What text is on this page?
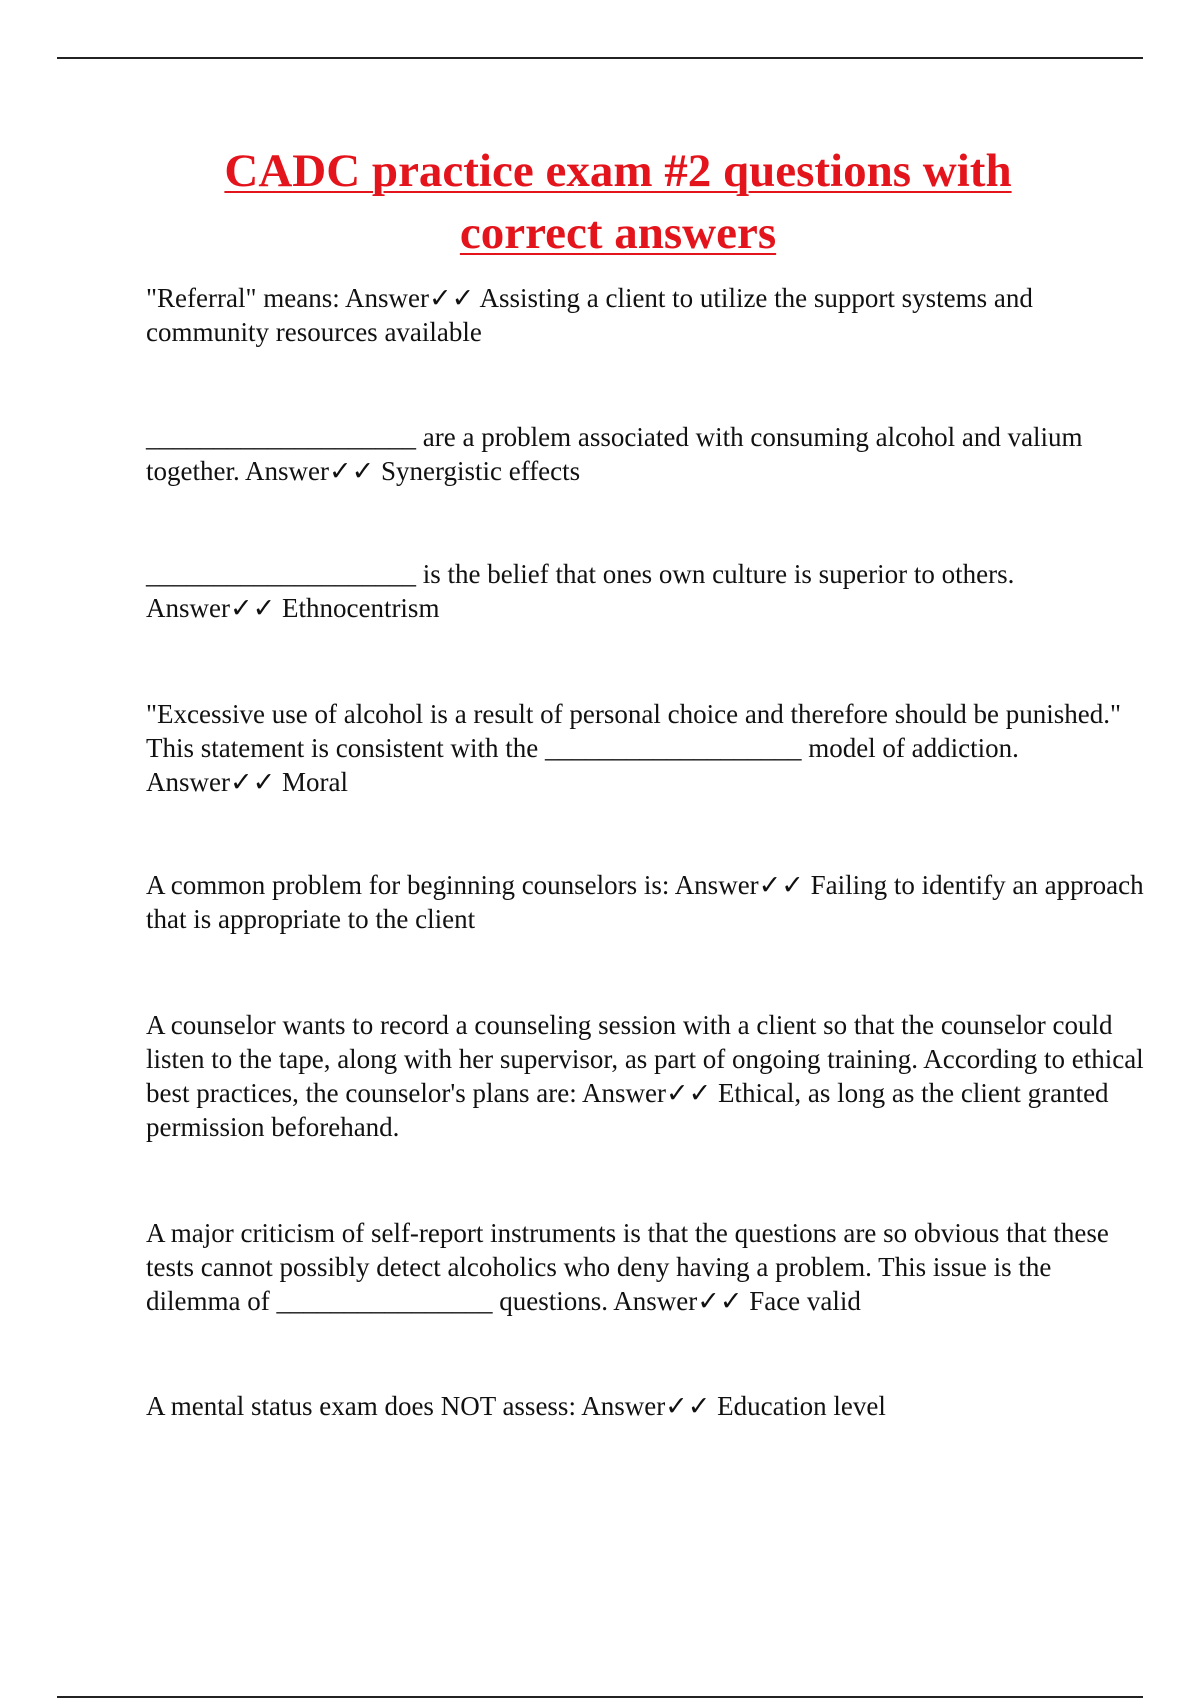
CADC practice exam #2 questions with
correct answers

"Referral" means: Answer✓✓ Assisting a client to utilize the support systems and community resources available

____________________ are a problem associated with consuming alcohol and valium together. Answer✓✓ Synergistic effects

____________________ is the belief that ones own culture is superior to others. Answer✓✓ Ethnocentrism

"Excessive use of alcohol is a result of personal choice and therefore should be punished." This statement is consistent with the ___________________ model of addiction. Answer✓✓ Moral

A common problem for beginning counselors is: Answer✓✓ Failing to identify an approach that is appropriate to the client

A counselor wants to record a counseling session with a client so that the counselor could listen to the tape, along with her supervisor, as part of ongoing training. According to ethical best practices, the counselor's plans are: Answer✓✓ Ethical, as long as the client granted permission beforehand.

A major criticism of self-report instruments is that the questions are so obvious that these tests cannot possibly detect alcoholics who deny having a problem. This issue is the dilemma of ________________ questions. Answer✓✓ Face valid

A mental status exam does NOT assess: Answer✓✓ Education level
